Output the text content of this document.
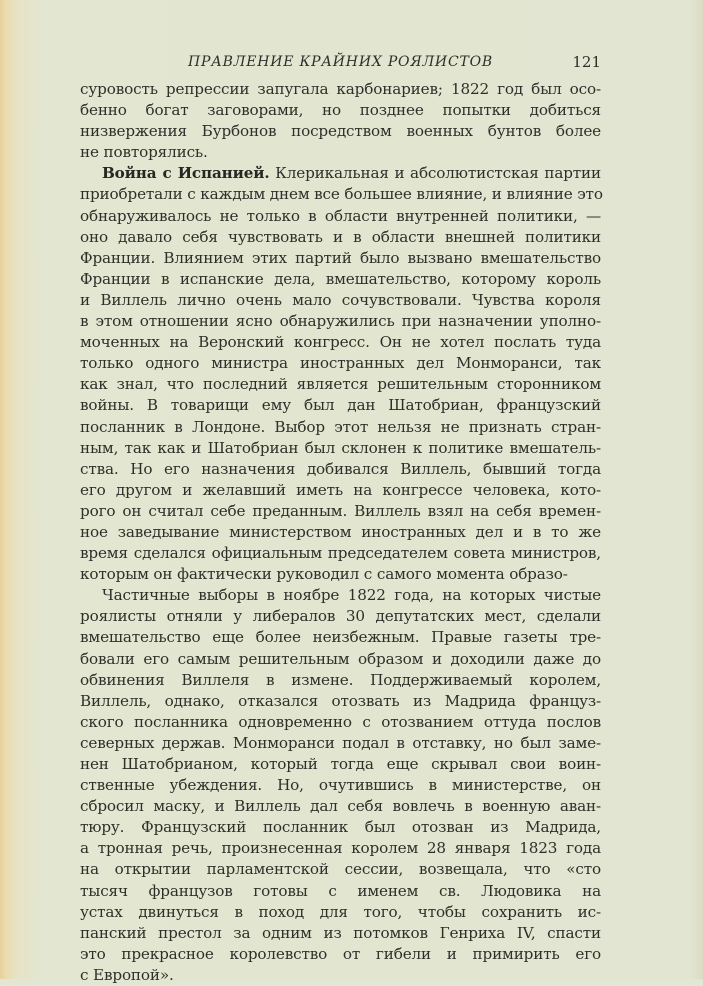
ПРАВЛЕНИЕ КРАЙНИХ РОЯЛИСТОВ	121
суровость репрессии запугала карбонариев; 1822 год был осо-
бенно богат заговорами, но позднее попытки добиться
низвержения Бурбонов посредством военных бунтов более
не повторялись.
Война с Испанией. Клерикальная и абсолютистская партии
приобретали с каждым днем все большее влияние, и влияние это
обнаруживалось не только в области внутренней политики, —
оно давало себя чувствовать и в области внешней политики
Франции. Влиянием этих партий было вызвано вмешательство
Франции в испанские дела, вмешательство, которому король
и Виллель лично очень мало сочувствовали. Чувства короля
в этом отношении ясно обнаружились при назначении уполно-
моченных на Веронский конгресс. Он не хотел послать туда
только одного министра иностранных дел Монморанси, так
как знал, что последний является решительным сторонником
войны. В товарищи ему был дан Шатобриан, французский
посланник в Лондоне. Выбор этот нельзя не признать стран-
ным, так как и Шатобриан был склонен к политике вмешатель-
ства. Но его назначения добивался Виллель, бывший тогда
его другом и желавший иметь на конгрессе человека, кото-
рого он считал себе преданным. Виллель взял на себя времен-
ное заведывание министерством иностранных дел и в то же
время сделался официальным председателем совета министров,
которым он фактически руководил с самого момента образо-
Частичные выборы в ноябре 1822 года, на которых чистые
роялисты отняли у либералов 30 депутатских мест, сделали
вмешательство еще более неизбежным. Правые газеты тре-
бовали его самым решительным образом и доходили даже до
обвинения Виллеля в измене. Поддерживаемый королем,
Виллель, однако, отказался отозвать из Мадрида француз-
ского посланника одновременно с отозванием оттуда послов
северных держав. Монморанси подал в отставку, но был заме-
нен Шатобрианом, который тогда еще скрывал свои воин-
ственные убеждения. Но, очутившись в министерстве, он
сбросил маску, и Виллель дал себя вовлечь в военную аван-
тюру. Французский посланник был отозван из Мадрида,
а тронная речь, произнесенная королем 28 января 1823 года
на открытии парламентской сессии, возвещала, что «сто
тысяч французов готовы с именем св. Людовика на
устах двинуться в поход для того, чтобы сохранить ис-
панский престол за одним из потомков Генриха IV, спасти
это прекрасное королевство от гибели и примирить его
с Европой».
